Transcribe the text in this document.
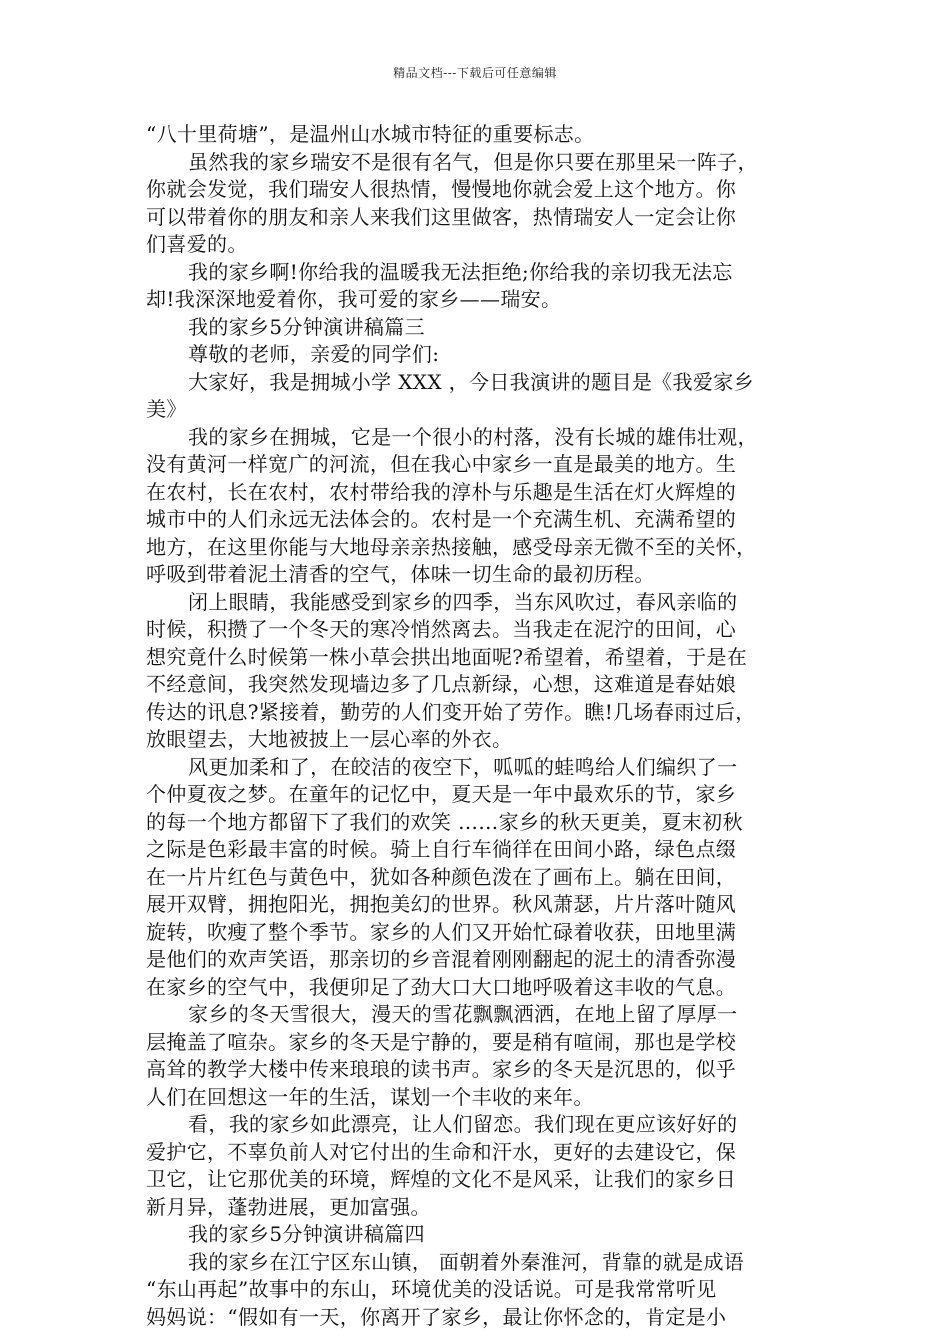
精品文档---下载后可任意编辑
“八十里荷塘”，是温州山水城市特征的重要标志。
虽然我的家乡瑞安不是很有名气，但是你只要在那里呆一阵子，
你就会发觉，我们瑞安人很热情，慢慢地你就会爱上这个地方。你
可以带着你的朋友和亲人来我们这里做客，热情瑞安人一定会让你
们喜爱的。
我的家乡啊!你给我的温暖我无法拒绝;你给我的亲切我无法忘
却!我深深地爱着你，我可爱的家乡——瑞安。
我的家乡5分钟演讲稿篇三
尊敬的老师，亲爱的同学们:
大家好，我是拥城小学 XXX ，今日我演讲的题目是《我爱家乡
美》
我的家乡在拥城，它是一个很小的村落，没有长城的雄伟壮观，
没有黄河一样宽广的河流，但在我心中家乡一直是最美的地方。生
在农村，长在农村，农村带给我的淳朴与乐趣是生活在灯火辉煌的
城市中的人们永远无法体会的。农村是一个充满生机、充满希望的
地方，在这里你能与大地母亲亲热接触，感受母亲无微不至的关怀，
呼吸到带着泥土清香的空气，体味一切生命的最初历程。
闭上眼睛，我能感受到家乡的四季，当东风吹过，春风亲临的
时候，积攒了一个冬天的寒冷悄然离去。当我走在泥泞的田间，心
想究竟什么时候第一株小草会拱出地面呢?希望着，希望着，于是在
不经意间，我突然发现墙边多了几点新绿，心想，这难道是春姑娘
传达的讯息?紧接着，勤劳的人们变开始了劳作。瞧!几场春雨过后，
放眼望去，大地被披上一层心率的外衣。
风更加柔和了，在皎洁的夜空下，呱呱的蛙鸣给人们编织了一
个仲夏夜之梦。在童年的记忆中，夏天是一年中最欢乐的节，家乡
的每一个地方都留下了我们的欢笑 ……家乡的秋天更美，夏末初秋
之际是色彩最丰富的时候。骑上自行车徜徉在田间小路，绿色点缀
在一片片红色与黄色中，犹如各种颜色泼在了画布上。躺在田间，
展开双臂，拥抱阳光，拥抱美幻的世界。秋风萧瑟，片片落叶随风
旋转，吹瘦了整个季节。家乡的人们又开始忙碌着收获，田地里满
是他们的欢声笑语，那亲切的乡音混着刚刚翻起的泥土的清香弥漫
在家乡的空气中，我便卯足了劲大口大口地呼吸着这丰收的气息。
家乡的冬天雪很大，漫天的雪花飘飘洒洒，在地上留了厚厚一
层掩盖了喧杂。家乡的冬天是宁静的，要是稍有喧闹，那也是学校
高耸的教学大楼中传来琅琅的读书声。家乡的冬天是沉思的，似乎
人们在回想这一年的生活，谋划一个丰收的来年。
看，我的家乡如此漂亮，让人们留恋。我们现在更应该好好的
爱护它，不辜负前人对它付出的生命和汗水，更好的去建设它，保
卫它，让它那优美的环境，辉煌的文化不是风采，让我们的家乡日
新月异，蓬勃进展，更加富强。
我的家乡5分钟演讲稿篇四
我的家乡在江宁区东山镇， 面朝着外秦淮河，背靠的就是成语
“东山再起”故事中的东山，环境优美的没话说。可是我常常听见
妈妈说：“假如有一天，你离开了家乡，最让你怀念的，肯定是小
